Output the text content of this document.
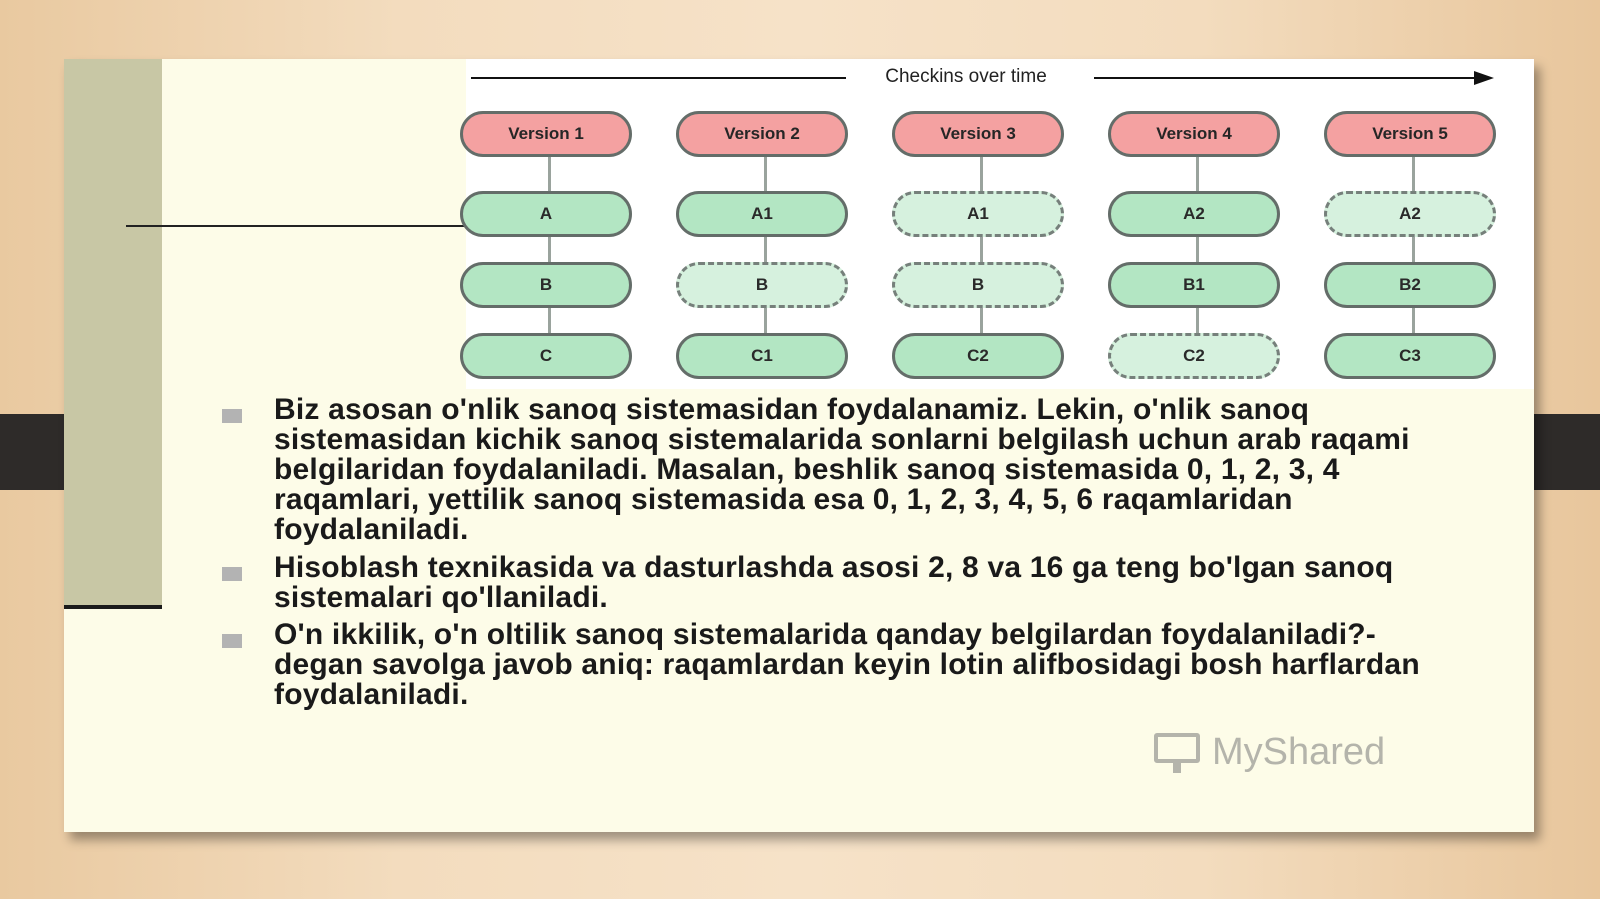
Checkins over time
Version 1
A
B
C
Version 2
A1
B
C1
Version 3
A1
B
C2
Version 4
A2
B1
C2
Version 5
A2
B2
C3
Biz asosan o'nlik sanoq sistemasidan foydalanamiz. Lekin, o'nlik sanoq sistemasidan kichik sanoq sistemalarida sonlarni belgilash uchun arab raqami belgilaridan foydalaniladi. Masalan, beshlik sanoq sistemasida 0, 1, 2, 3, 4 raqamlari, yettilik sanoq sistemasida esa 0, 1, 2, 3, 4, 5, 6 raqamlaridan foydalaniladi.
Hisoblash texnikasida va dasturlashda asosi 2, 8 va 16 ga teng bo'lgan sanoq sistemalari qo'llaniladi.
O'n ikkilik, o'n oltilik sanoq sistemalarida qanday belgilardan foydalaniladi?- degan savolga javob aniq: raqamlardan keyin lotin alifbosidagi bosh harflardan foydalaniladi.
MyShared
